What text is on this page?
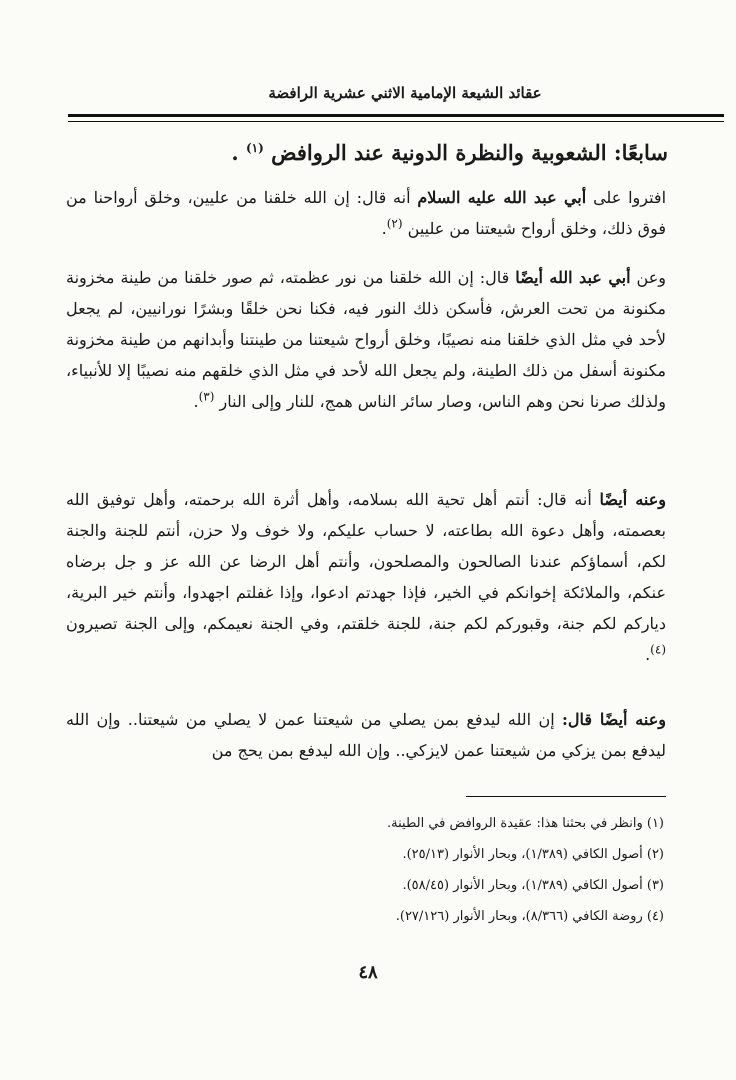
عقائد الشيعة الإمامية الاثني عشرية الرافضة
سابعًا: الشعوبية والنظرة الدونية عند الروافض $^{(١)}$ .
افتروا على أبي عبد الله عليه السلام أنه قال: إن الله خلقنا من عليين، وخلق أرواحنا من فوق ذلك، وخلق أرواح شيعتنا من عليين $^{(٢)}$.
وعن أبي عبد الله أيضًا قال: إن الله خلقنا من نور عظمته، ثم صور خلقنا من طينة مخزونة مكنونة من تحت العرش، فأسكن ذلك النور فيه، فكنا نحن خلقًا وبشرًا نورانيين، لم يجعل لأحد في مثل الذي خلقنا منه نصيبًا، وخلق أرواح شيعتنا من طينتنا وأبدانهم من طينة مخزونة مكنونة أسفل من ذلك الطينة، ولم يجعل الله لأحد في مثل الذي خلقهم منه نصيبًا إلا للأنبياء، ولذلك صرنا نحن وهم الناس، وصار سائر الناس همج، للنار وإلى النار $^{(٣)}$.
وعنه أيضًا أنه قال: أنتم أهل تحية الله بسلامه، وأهل أثرة الله برحمته، وأهل توفيق الله بعصمته، وأهل دعوة الله بطاعته، لا حساب عليكم، ولا خوف ولا حزن، أنتم للجنة والجنة لكم، أسماؤكم عندنا الصالحون والمصلحون، وأنتم أهل الرضا عن الله عز و جل برضاه عنكم، والملائكة إخوانكم في الخير، فإذا جهدتم ادعوا، وإذا غفلتم اجهدوا، وأنتم خير البرية، دياركم لكم جنة، وقبوركم لكم جنة، للجنة خلقتم، وفي الجنة نعيمكم، وإلى الجنة تصيرون $^{(٤)}$.
وعنه أيضًا قال: إن الله ليدفع بمن يصلي من شيعتنا عمن لا يصلي من شيعتنا.. وإن الله ليدفع بمن يزكي من شيعتنا عمن لايزكي.. وإن الله ليدفع بمن يحج من
(١) وانظر في بحثنا هذا: عقيدة الروافض في الطينة.
(٢) أصول الكافي (١/٣٨٩)، وبحار الأنوار (٢٥/١٣).
(٣) أصول الكافي (١/٣٨٩)، وبحار الأنوار (٥٨/٤٥).
(٤) روضة الكافي (٨/٣٦٦)، وبحار الأنوار (٢٧/١٢٦).
٤٨
